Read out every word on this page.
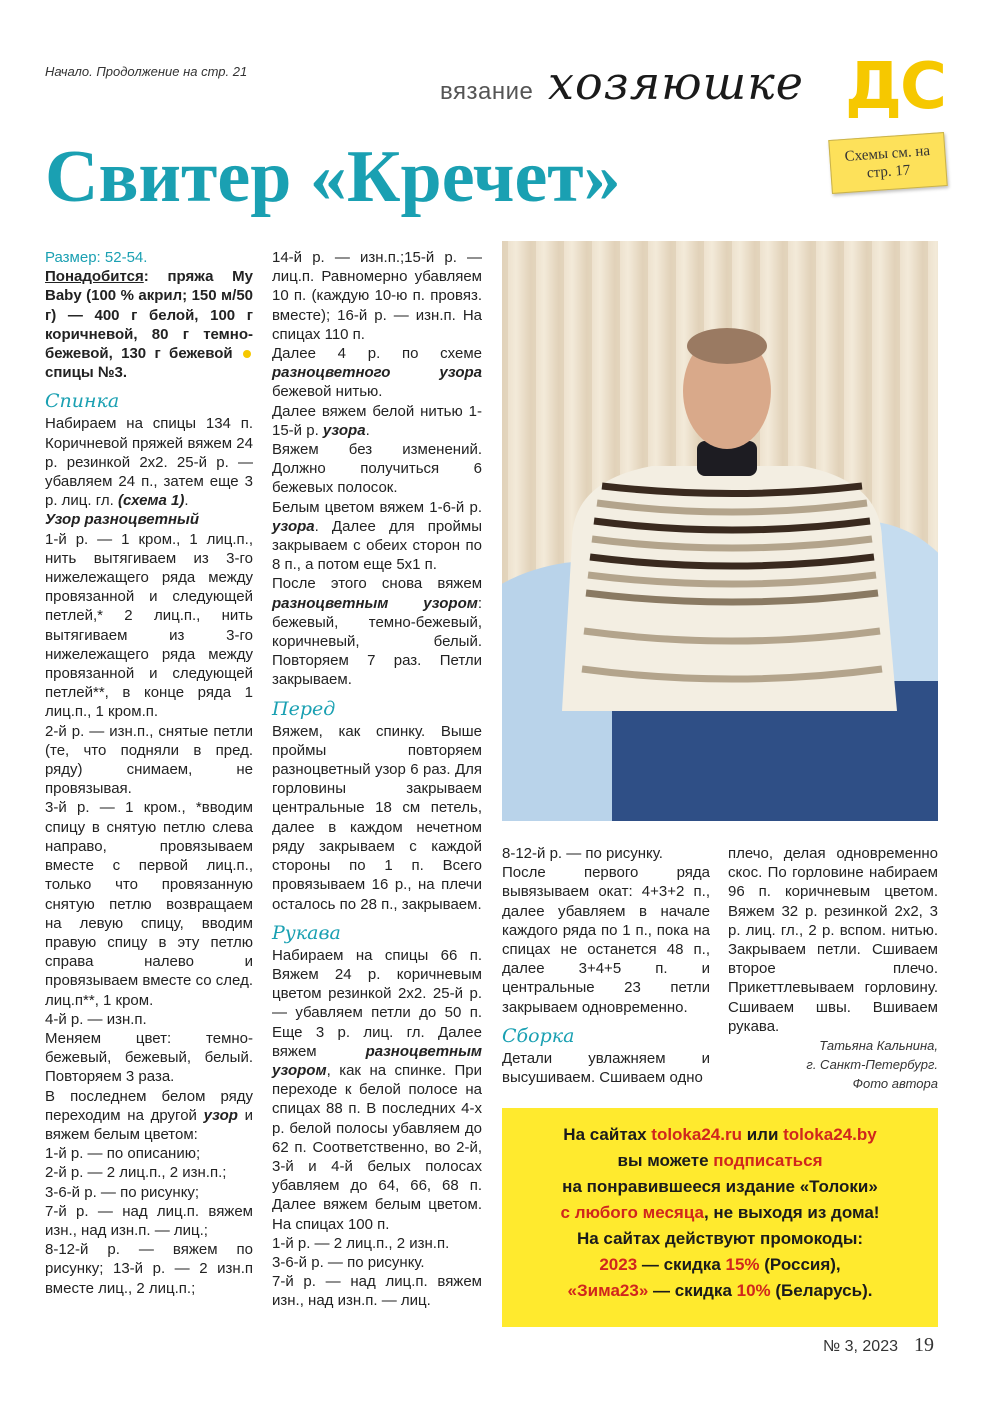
Начало. Продолжение на стр. 21
вязание хозяюшке ДС
Свитер «Кречет»	Схемы см. на стр. 17

Размер: 52-54.

Понадобится: пряжа My Baby (100 % акрил; 150 м/50 г) — 400 г белой, 100 г коричневой, 80 г темно-бежевой, 130 г бежевой  спицы №3.

Спинка

Набираем на спицы 134 п. Коричневой пряжей вяжем 24 р. резинкой 2х2. 25-й р. — убавляем 24 п., затем еще 3 р. лиц. гл. (схема 1).

Узор разноцветный

1-й р. — 1 кром., 1 лиц.п., нить вытягиваем из 3-го нижележащего ряда между провязанной и следующей петлей,* 2 лиц.п., нить вытягиваем из 3-го нижележащего ряда между провязанной и следующей петлей**, в конце ряда 1 лиц.п., 1 кром.п.

2-й р. — изн.п., снятые петли (те, что подняли в пред. ряду) снимаем, не провязывая.

3-й р. — 1 кром., *вводим спицу в снятую петлю слева направо, провязываем вместе с первой лиц.п., только что провязанную снятую петлю возвращаем на левую спицу, вводим правую спицу в эту петлю справа налево и провязываем вместе со след. лиц.п**, 1 кром.

4-й р. — изн.п.

Меняем цвет: темно-бежевый, бежевый, белый. Повторяем 3 раза.

В последнем белом ряду переходим на другой узор и вяжем белым цветом:

1-й р. — по описанию;

2-й р. — 2 лиц.п., 2 изн.п.;

3-6-й р. — по рисунку;

7-й р. — над лиц.п. вяжем изн., над изн.п. — лиц.;

8-12-й р. — вяжем по рисунку; 13-й р. — 2 изн.п вместе лиц., 2 лиц.п.;

14-й р. — изн.п.;15-й р. — лиц.п. Равномерно убавляем 10 п. (каждую 10-ю п. провяз. вместе); 16-й р. — изн.п. На спицах 110 п.

Далее 4 р. по схеме разноцветного узора бежевой нитью.

Далее вяжем белой нитью 1-15-й р. узора.

Вяжем без изменений. Должно получиться 6 бежевых полосок.

Белым цветом вяжем 1-6-й р. узора. Далее для проймы закрываем с обеих сторон по 8 п., а потом еще 5х1 п.

После этого снова вяжем разноцветным узором: бежевый, темно-бежевый, коричневый, белый. Повторяем 7 раз. Петли закрываем.

Перед

Вяжем, как спинку. Выше проймы повторяем разноцветный узор 6 раз. Для горловины закрываем центральные 18 см петель, далее в каждом нечетном ряду закрываем с каждой стороны по 1 п. Всего провязываем 16 р., на плечи осталось по 28 п., закрываем.

Рукава

Набираем на спицы 66 п. Вяжем 24 р. коричневым цветом резинкой 2х2. 25-й р. — убавляем петли до 50 п. Еще 3 р. лиц. гл. Далее вяжем разноцветным узором, как на спинке. При переходе к белой полосе на спицах 88 п. В последних 4-х р. белой полосы убавляем до 62 п. Соответственно, во 2-й, 3-й и 4-й белых полосах убавляем до 64, 66, 68 п. Далее вяжем белым цветом. На спицах 100 п.

1-й р. — 2 лиц.п., 2 изн.п.

3-6-й р. — по рисунку.

7-й р. — над лиц.п. вяжем изн., над изн.п. — лиц.

8-12-й р. — по рисунку.

После первого ряда вывязываем окат: 4+3+2 п., далее убавляем в начале каждого ряда по 1 п., пока на спицах не останется 48 п., далее 3+4+5 п. и центральные 23 петли закрываем одновременно.

Сборка

Детали увлажняем и высушиваем. Сшиваем одно

плечо, делая одновременно скос. По горловине набираем 96 п. коричневым цветом. Вяжем 32 р. резинкой 2х2, 3 р. лиц. гл., 2 р. вспом. нитью. Закрываем петли. Сшиваем второе плечо. Прикеттлевываем горловину. Сшиваем швы. Вшиваем рукава.

Татьяна Кальнина,
г. Санкт-Петербург.
Фото автора
На сайтах toloka24.ru или toloka24.by
вы можете подписаться
на понравившееся издание «Толоки»
с любого месяца, не выходя из дома!
На сайтах действуют промокоды:
2023 — скидка 15% (Россия),
«Зима23» — скидка 10% (Беларусь).
№ 3, 2023 19
